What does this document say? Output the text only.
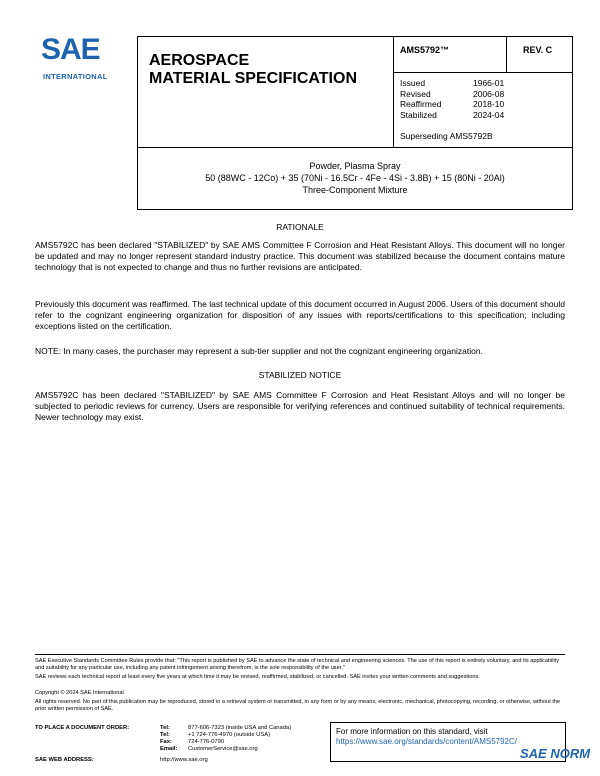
SAE
INTERNATIONAL
AEROSPACE
MATERIAL SPECIFICATION
AMS5792™	REV. C
Issued	1966-01
Revised	2006-08
Reaffirmed	2018-10
Stabilized	2024-04
Superseding AMS5792B
Powder, Plasma Spray
50 (88WC - 12Co) + 35 (70Ni - 16.5Cr - 4Fe - 4Si - 3.8B) + 15 (80Ni - 20Al)
Three-Component Mixture
RATIONALE
AMS5792C has been declared "STABILIZED" by SAE AMS Committee F Corrosion and Heat Resistant Alloys. This document will no longer be updated and may no longer represent standard industry practice. This document was stabilized because the document contains mature technology that is not expected to change and thus no further revisions are anticipated.
Previously this document was reaffirmed. The last technical update of this document occurred in August 2006. Users of this document should refer to the cognizant engineering organization for disposition of any issues with reports/certifications to this specification; including exceptions listed on the certification.
NOTE: In many cases, the purchaser may represent a sub-tier supplier and not the cognizant engineering organization.
STABILIZED NOTICE
AMS5792C has been declared "STABILIZED" by SAE AMS Committee F Corrosion and Heat Resistant Alloys and will no longer be subjected to periodic reviews for currency. Users are responsible for verifying references and continued suitability of technical requirements. Newer technology may exist.
SAE Executive Standards Committee Rules provide that: "This report is published by SAE to advance the state of technical and engineering sciences. The use of this report is entirely voluntary, and its applicability and suitability for any particular use, including any patent infringement arising therefrom, is the sole responsibility of the user."
SAE reviews each technical report at least every five years at which time it may be revised, reaffirmed, stabilized, or cancelled. SAE invites your written comments and suggestions.
Copyright © 2024 SAE International
All rights reserved. No part of this publication may be reproduced, stored in a retrieval system or transmitted, in any form or by any means, electronic, mechanical, photocopying, recording, or otherwise, without the prior written permission of SAE.
TO PLACE A DOCUMENT ORDER:	Tel:	877-606-7323 (inside USA and Canada)
Tel:	+1 724-776-4970 (outside USA)
Fax:	724-776-0790
Email:	CustomerService@sae.org
SAE WEB ADDRESS:	http://www.sae.org
For more information on this standard, visit
https://www.sae.org/standards/content/AMS5792C/
SAE NORM
